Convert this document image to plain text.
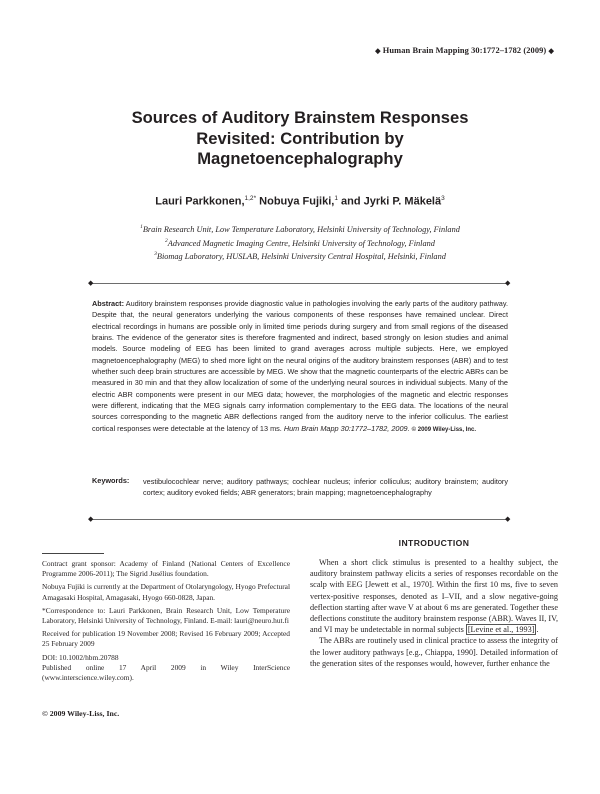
◆ Human Brain Mapping 30:1772–1782 (2009) ◆
Sources of Auditory Brainstem Responses
Revisited: Contribution by
Magnetoencephalography
Lauri Parkkonen,$^{1,2*}$ Nobuya Fujiki,$^1$ and Jyrki P. Mäkelä$^3$
$^1$Brain Research Unit, Low Temperature Laboratory, Helsinki University of Technology, Finland
$^2$Advanced Magnetic Imaging Centre, Helsinki University of Technology, Finland
$^3$Biomag Laboratory, HUSLAB, Helsinki University Central Hospital, Helsinki, Finland
◆	◆
Abstract: Auditory brainstem responses provide diagnostic value in pathologies involving the early parts of the auditory pathway. Despite that, the neural generators underlying the various components of these responses have remained unclear. Direct electrical recordings in humans are possible only in limited time periods during surgery and from small regions of the diseased brains. The evidence of the generator sites is therefore fragmented and indirect, based strongly on lesion studies and animal models. Source modeling of EEG has been limited to grand averages across multiple subjects. Here, we employed magnetoencephalography (MEG) to shed more light on the neural origins of the auditory brainstem responses (ABR) and to test whether such deep brain structures are accessible by MEG. We show that the magnetic counterparts of the electric ABRs can be measured in 30 min and that they allow localization of some of the underlying neural sources in individual subjects. Many of the electric ABR components were present in our MEG data; however, the morphologies of the magnetic and electric responses were different, indicating that the MEG signals carry information complementary to the EEG data. The locations of the neural sources corresponding to the magnetic ABR deflections ranged from the auditory nerve to the inferior colliculus. The earliest cortical responses were detectable at the latency of 13 ms. Hum Brain Mapp 30:1772–1782, 2009. © 2009 Wiley-Liss, Inc.
Keywords: vestibulocochlear nerve; auditory pathways; cochlear nucleus; inferior colliculus; auditory brainstem; auditory cortex; auditory evoked fields; ABR generators; brain mapping; magnetoencephalography
◆	◆
INTRODUCTION

When a short click stimulus is presented to a healthy subject, the auditory brainstem pathway elicits a series of responses recordable on the scalp with EEG [Jewett et al., 1970]. Within the first 10 ms, five to seven vertex-positive responses, denoted as I–VII, and a slow negative-going deflection starting after wave V at about 6 ms are generated. Together these deflections constitute the auditory brainstem response (ABR). Waves II, IV, and VI may be undetectable in normal subjects [Levine et al., 1993] .

The ABRs are routinely used in clinical practice to assess the integrity of the lower auditory pathways [e.g., Chiappa, 1990]. Detailed information of the generation sites of the responses would, however, further enhance the

Contract grant sponsor: Academy of Finland (National Centers of Excellence Programme 2006-2011); The Sigrid Jusélius foundation.

Nobuya Fujiki is currently at the Department of Otolaryngology, Hyogo Prefectural Amagasaki Hospital, Amagasaki, Hyogo 660-0828, Japan.

*Correspondence to: Lauri Parkkonen, Brain Research Unit, Low Temperature Laboratory, Helsinki University of Technology, Finland. E-mail: lauri@neuro.hut.fi

Received for publication 19 November 2008; Revised 16 February 2009; Accepted 25 February 2009

DOI: 10.1002/hbm.20788

Published online 17 April 2009 in Wiley InterScience (www.interscience.wiley.com).

© 2009 Wiley-Liss, Inc.
